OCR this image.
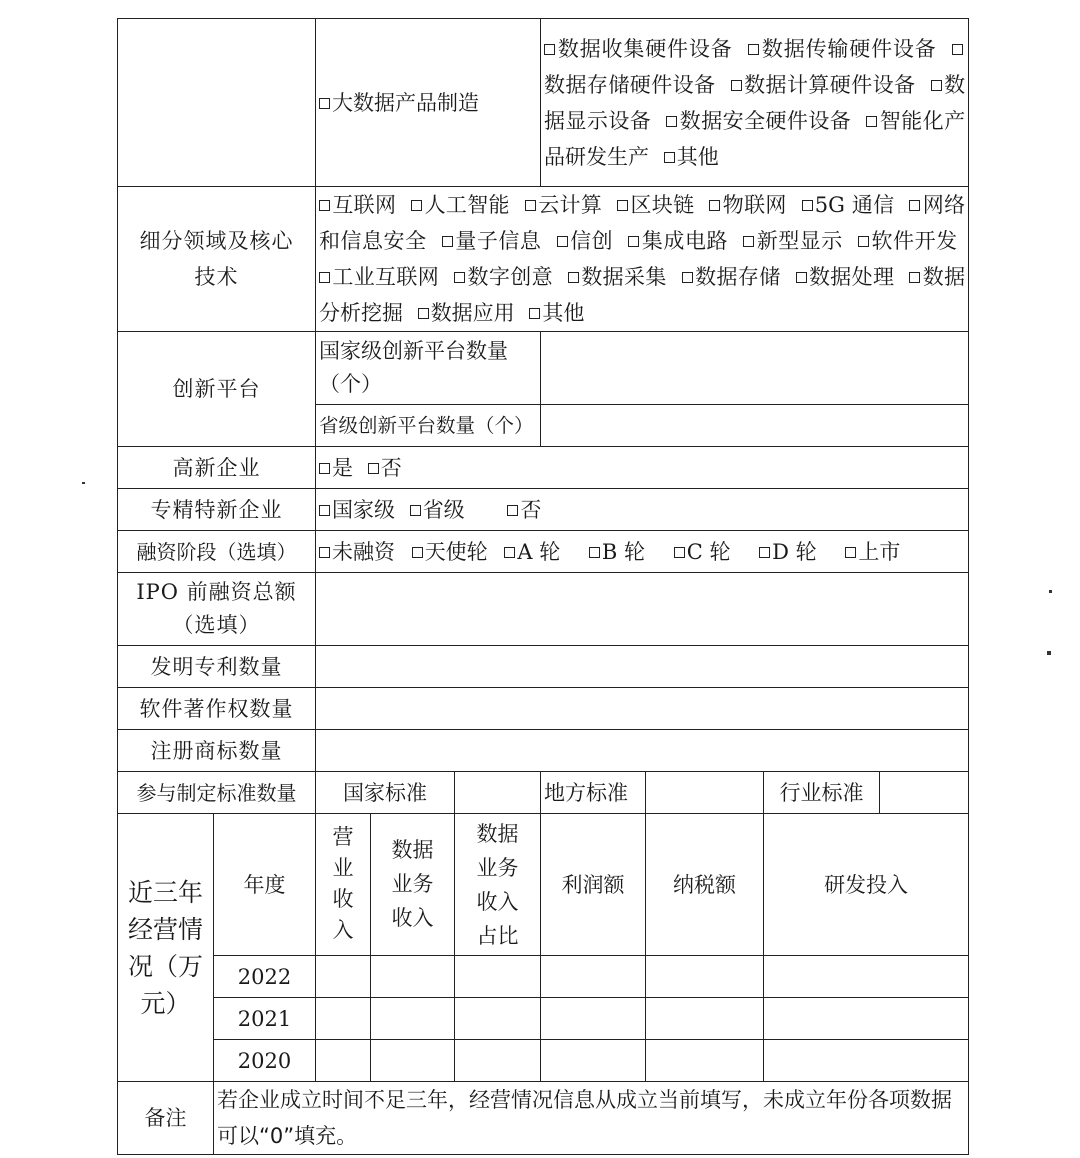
		大数据产品制造			数据收集硬件设备 数据传输硬件设备 数据存储硬件设备 数据计算硬件设备 数据显示设备 数据安全硬件设备 智能化产品研发生产 其他			
细分领域及核心技术		互联网 人工智能 云计算 区块链 物联网 5G 通信 网络和信息安全 量子信息 信创 集成电路 新型显示 软件开发 工业互联网 数字创意 数据采集 数据存储 数据处理 数据分析挖掘 数据应用 其他						
创新平台		国家级创新平台数量（个）						
		省级创新平台数量（个）						
高新企业		是 否						
专精特新企业		国家级 省级 否						
融资阶段（选填）		未融资 天使轮 A 轮 B 轮 C 轮 D 轮 上市						
IPO 前融资总额（选填）								
发明专利数量								
软件著作权数量								
注册商标数量								
参与制定标准数量		国家标准			地方标准		行业标准	
近三年经营情况（万元）	年度	营业收入	数据业务收入	数据业务收入占比	利润额	纳税额	研发投入	
	2022							
	2021							
	2020							
备注	若企业成立时间不足三年，经营情况信息从成立当前填写，未成立年份各项数据可以“0”填充。							
